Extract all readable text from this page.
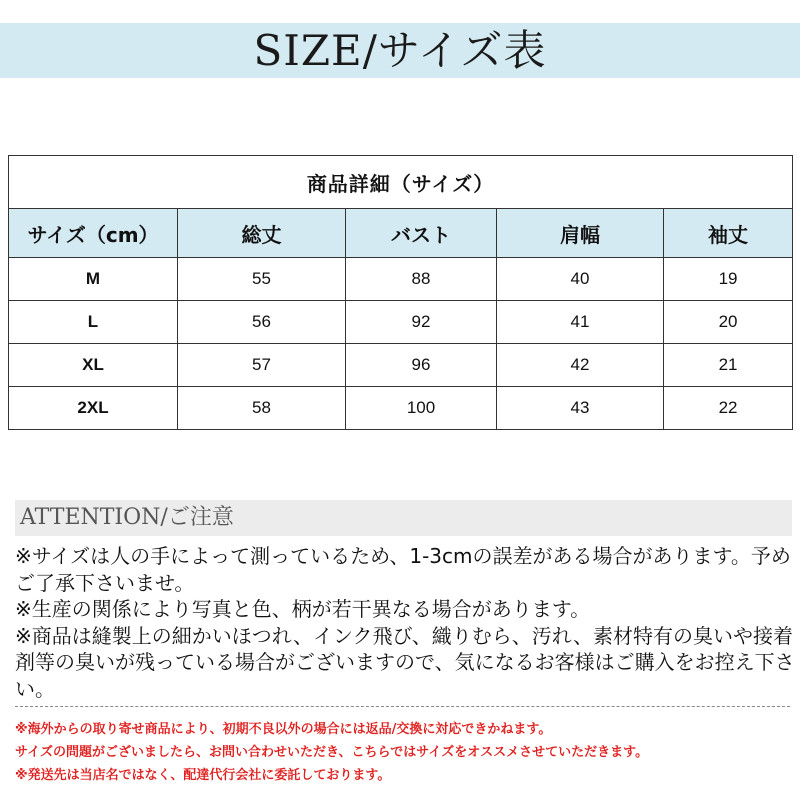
SIZE/サイズ表
商品詳細（サイズ）				
サイズ（cm）	総丈	バスト	肩幅	袖丈
M	55	88	40	19
L	56	92	41	20
XL	57	96	42	21
2XL	58	100	43	22
ATTENTION/ご注意
※サイズは人の手によって測っているため、1-3cmの誤差がある場合があります。予めご了承下さいませ。
※生産の関係により写真と色、柄が若干異なる場合があります。
※商品は縫製上の細かいほつれ、インク飛び、織りむら、汚れ、素材特有の臭いや接着剤等の臭いが残っている場合がございますので、気になるお客様はご購入をお控え下さい。
※海外からの取り寄せ商品により、初期不良以外の場合には返品/交換に対応できかねます。
サイズの問題がございましたら、お問い合わせいただき、こちらではサイズをオススメさせていただきます。
※発送先は当店名ではなく、配達代行会社に委託しております。
